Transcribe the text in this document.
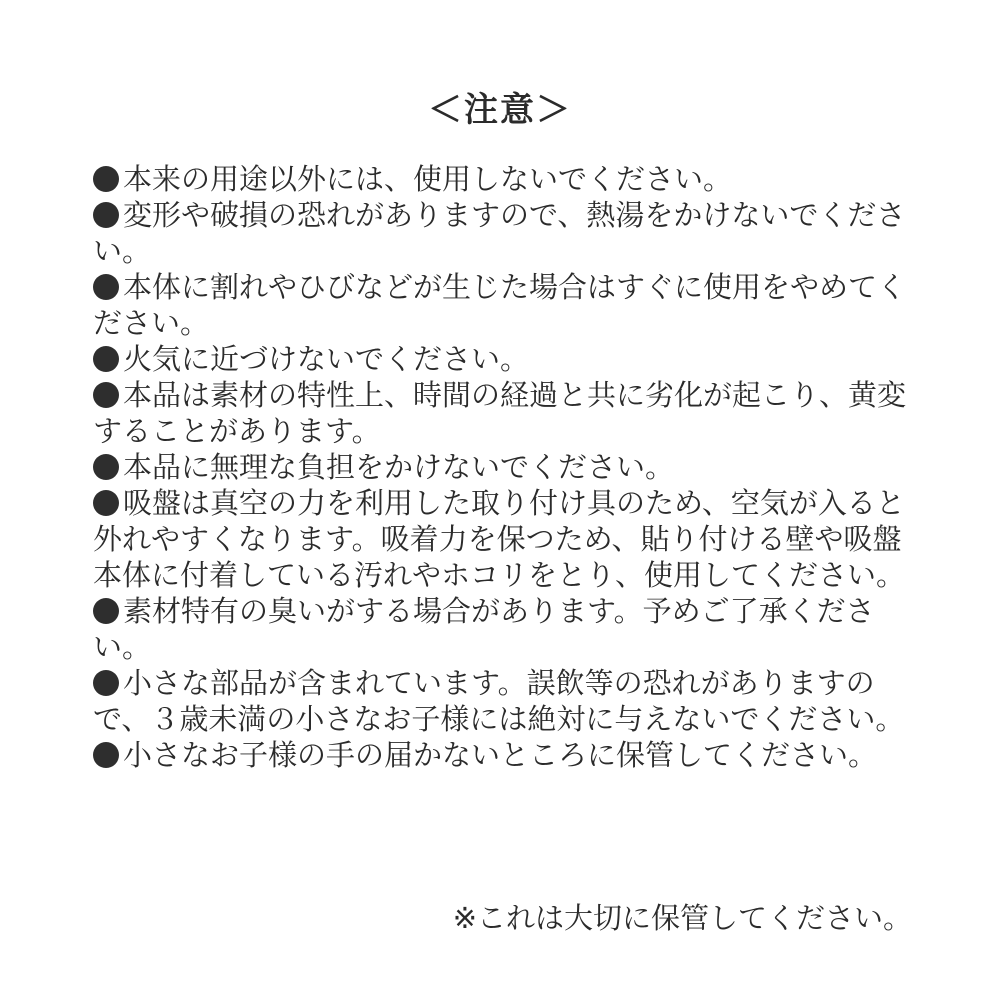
＜注意＞
本来の用途以外には、使用しないでください。
変形や破損の恐れがありますので、熱湯をかけないでください。
本体に割れやひびなどが生じた場合はすぐに使用をやめてください。
火気に近づけないでください。
本品は素材の特性上、時間の経過と共に劣化が起こり、黄変することがあります。
本品に無理な負担をかけないでください。
吸盤は真空の力を利用した取り付け具のため、空気が入ると外れやすくなります。吸着力を保つため、貼り付ける壁や吸盤本体に付着している汚れやホコリをとり、使用してください。
素材特有の臭いがする場合があります。予めご了承ください。
小さな部品が含まれています。誤飲等の恐れがありますので、３歳未満の小さなお子様には絶対に与えないでください。
小さなお子様の手の届かないところに保管してください。
※これは大切に保管してください。
